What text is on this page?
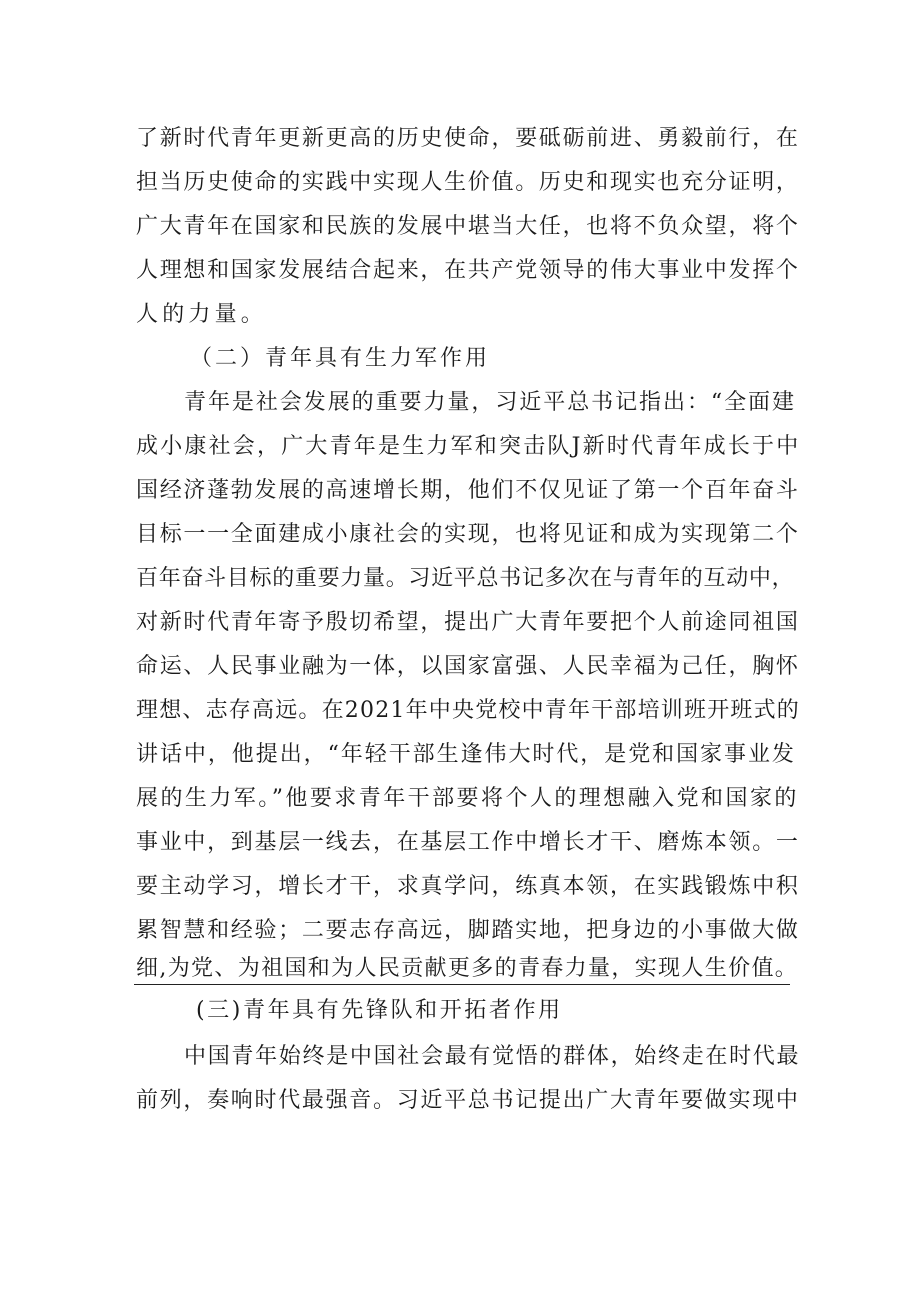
了新时代青年更新更高的历史使命，要砥砺前进、勇毅前行，在
担当历史使命的实践中实现人生价值。历史和现实也充分证明，
广大青年在国家和民族的发展中堪当大任，也将不负众望，将个
人理想和国家发展结合起来，在共产党领导的伟大事业中发挥个
人的力量。
（二）青年具有生力军作用
青年是社会发展的重要力量，习近平总书记指出：“全面建
成小康社会，广大青年是生力军和突击队J新时代青年成长于中
国经济蓬勃发展的高速增长期，他们不仅见证了第一个百年奋斗
目标一一全面建成小康社会的实现，也将见证和成为实现第二个
百年奋斗目标的重要力量。习近平总书记多次在与青年的互动中，
对新时代青年寄予殷切希望，提出广大青年要把个人前途同祖国
命运、人民事业融为一体，以国家富强、人民幸福为己任，胸怀
理想、志存高远。在2021年中央党校中青年干部培训班开班式的
讲话中，他提出，“年轻干部生逢伟大时代，是党和国家事业发
展的生力军。”他要求青年干部要将个人的理想融入党和国家的
事业中，到基层一线去，在基层工作中增长才干、磨炼本领。一
要主动学习，增长才干，求真学问，练真本领，在实践锻炼中积
累智慧和经验；二要志存高远，脚踏实地，把身边的小事做大做
细,为党、为祖国和为人民贡献更多的青春力量，实现人生价值。
(三)青年具有先锋队和开拓者作用
中国青年始终是中国社会最有觉悟的群体，始终走在时代最
前列，奏响时代最强音。习近平总书记提出广大青年要做实现中
